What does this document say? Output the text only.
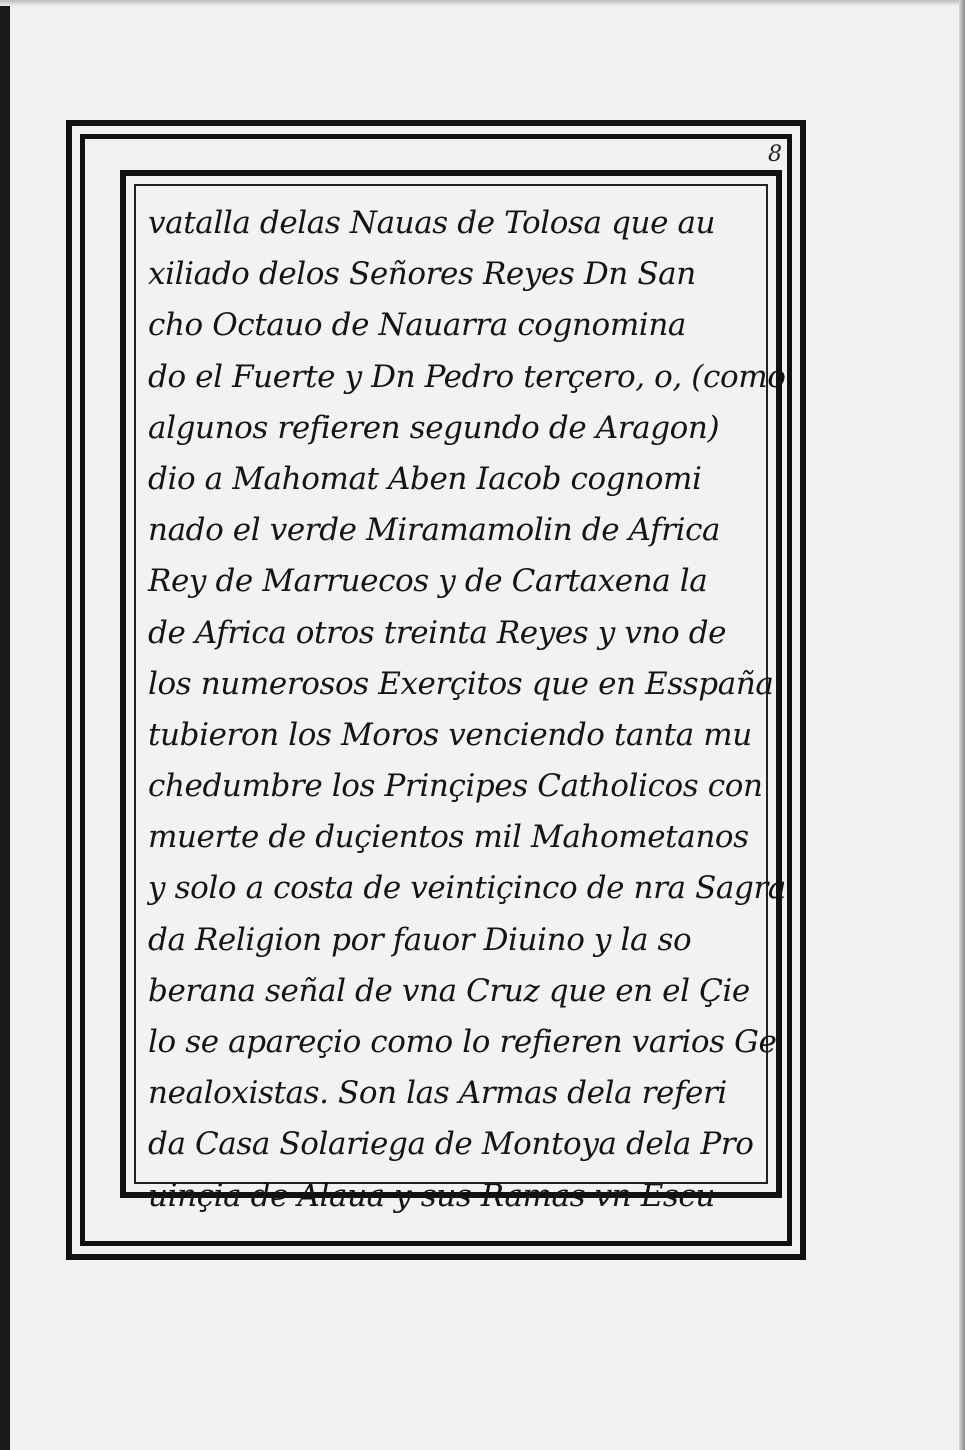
8
vatalla delas Nauas de Tolosa que au
xiliado delos Señores Reyes Dn San
cho Octauo de Nauarra cognomina
do el Fuerte y Dn Pedro terçero, o, (como
algunos refieren segundo de Aragon)
dio a Mahomat Aben Iacob cognomi
nado el verde Miramamolin de Africa
Rey de Marruecos y de Cartaxena la
de Africa otros treinta Reyes y vno de
los numerosos Exerçitos que en Esspaña
tubieron los Moros venciendo tanta mu
chedumbre los Prinçipes Catholicos con
muerte de duçientos mil Mahometanos
y solo a costa de veintiçinco de nra Sagra
da Religion por fauor Diuino y la so
berana señal de vna Cruz que en el Çie
lo se apareçio como lo refieren varios Ge
nealoxistas. Son las Armas dela referi
da Casa Solariega de Montoya dela Pro
uinçia de Alaua y sus Ramas vn Escu
